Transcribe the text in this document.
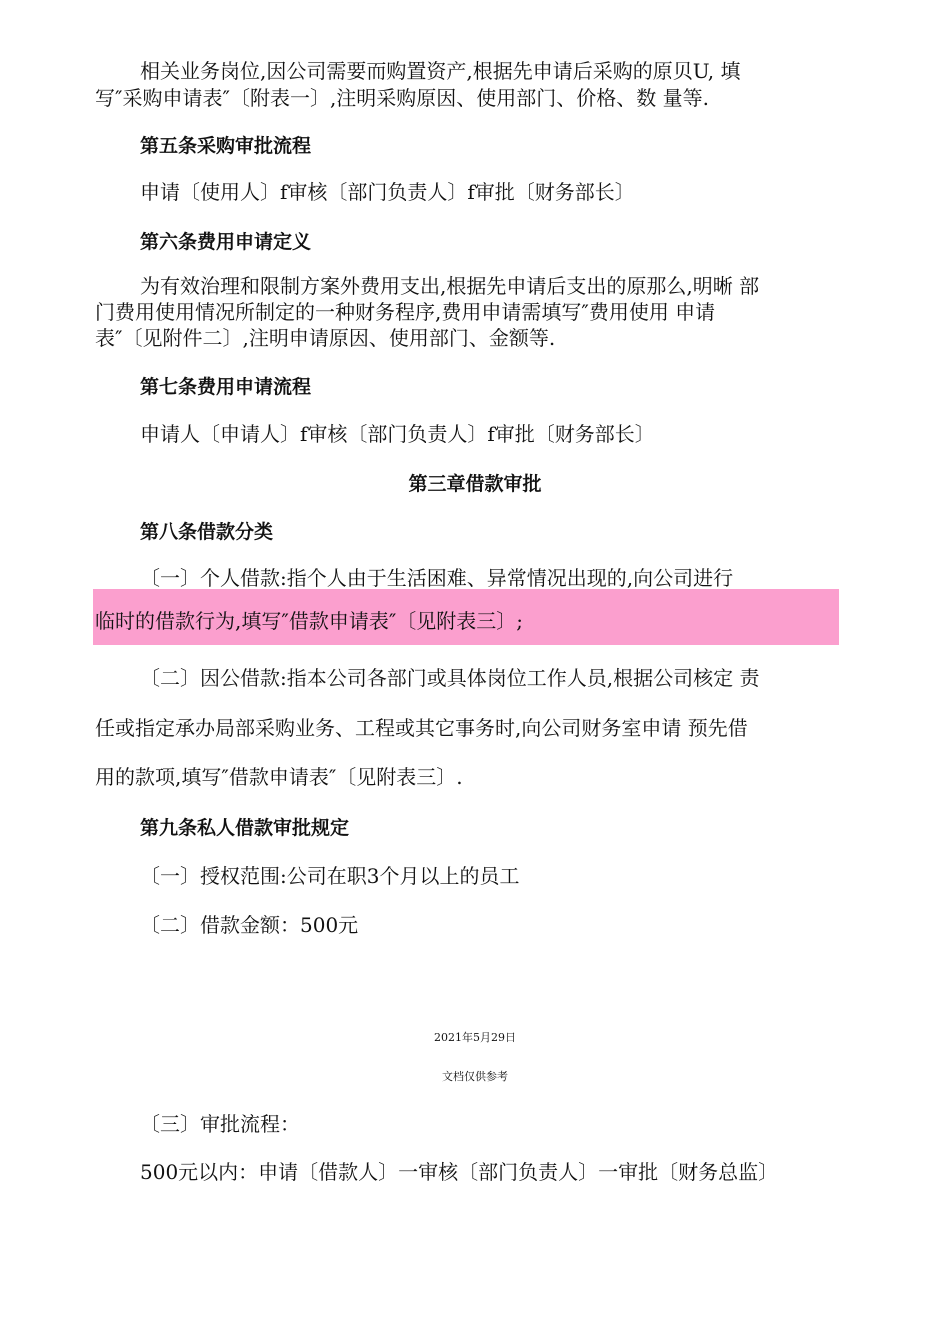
相关业务岗位,因公司需要而购置资产,根据先申请后采购的原贝U, 填
写″采购申请表″〔附表一〕,注明采购原因、使用部门、价格、数 量等.
第五条采购审批流程
申请〔使用人〕f审核〔部门负责人〕f审批〔财务部长〕
第六条费用申请定义
为有效治理和限制方案外费用支出,根据先申请后支出的原那么,明晰 部
门费用使用情况所制定的一种财务程序,费用申请需填写″费用使用 申请
表″〔见附件二〕,注明申请原因、使用部门、金额等.
第七条费用申请流程
申请人〔申请人〕f审核〔部门负责人〕f审批〔财务部长〕
第三章借款审批
第八条借款分类
〔一〕个人借款:指个人由于生活困难、异常情况出现的,向公司进行
临时的借款行为,填写″借款申请表″〔见附表三〕;
〔二〕因公借款:指本公司各部门或具体岗位工作人员,根据公司核定 责
任或指定承办局部采购业务、工程或其它事务时,向公司财务室申请 预先借
用的款项,填写″借款申请表″〔见附表三〕.
第九条私人借款审批规定
〔一〕授权范围:公司在职3个月以上的员工
〔二〕借款金额：500元
2021年5月29日
文档仅供参考
〔三〕审批流程：
500元以内：申请〔借款人〕一审核〔部门负责人〕一审批〔财务总监〕
